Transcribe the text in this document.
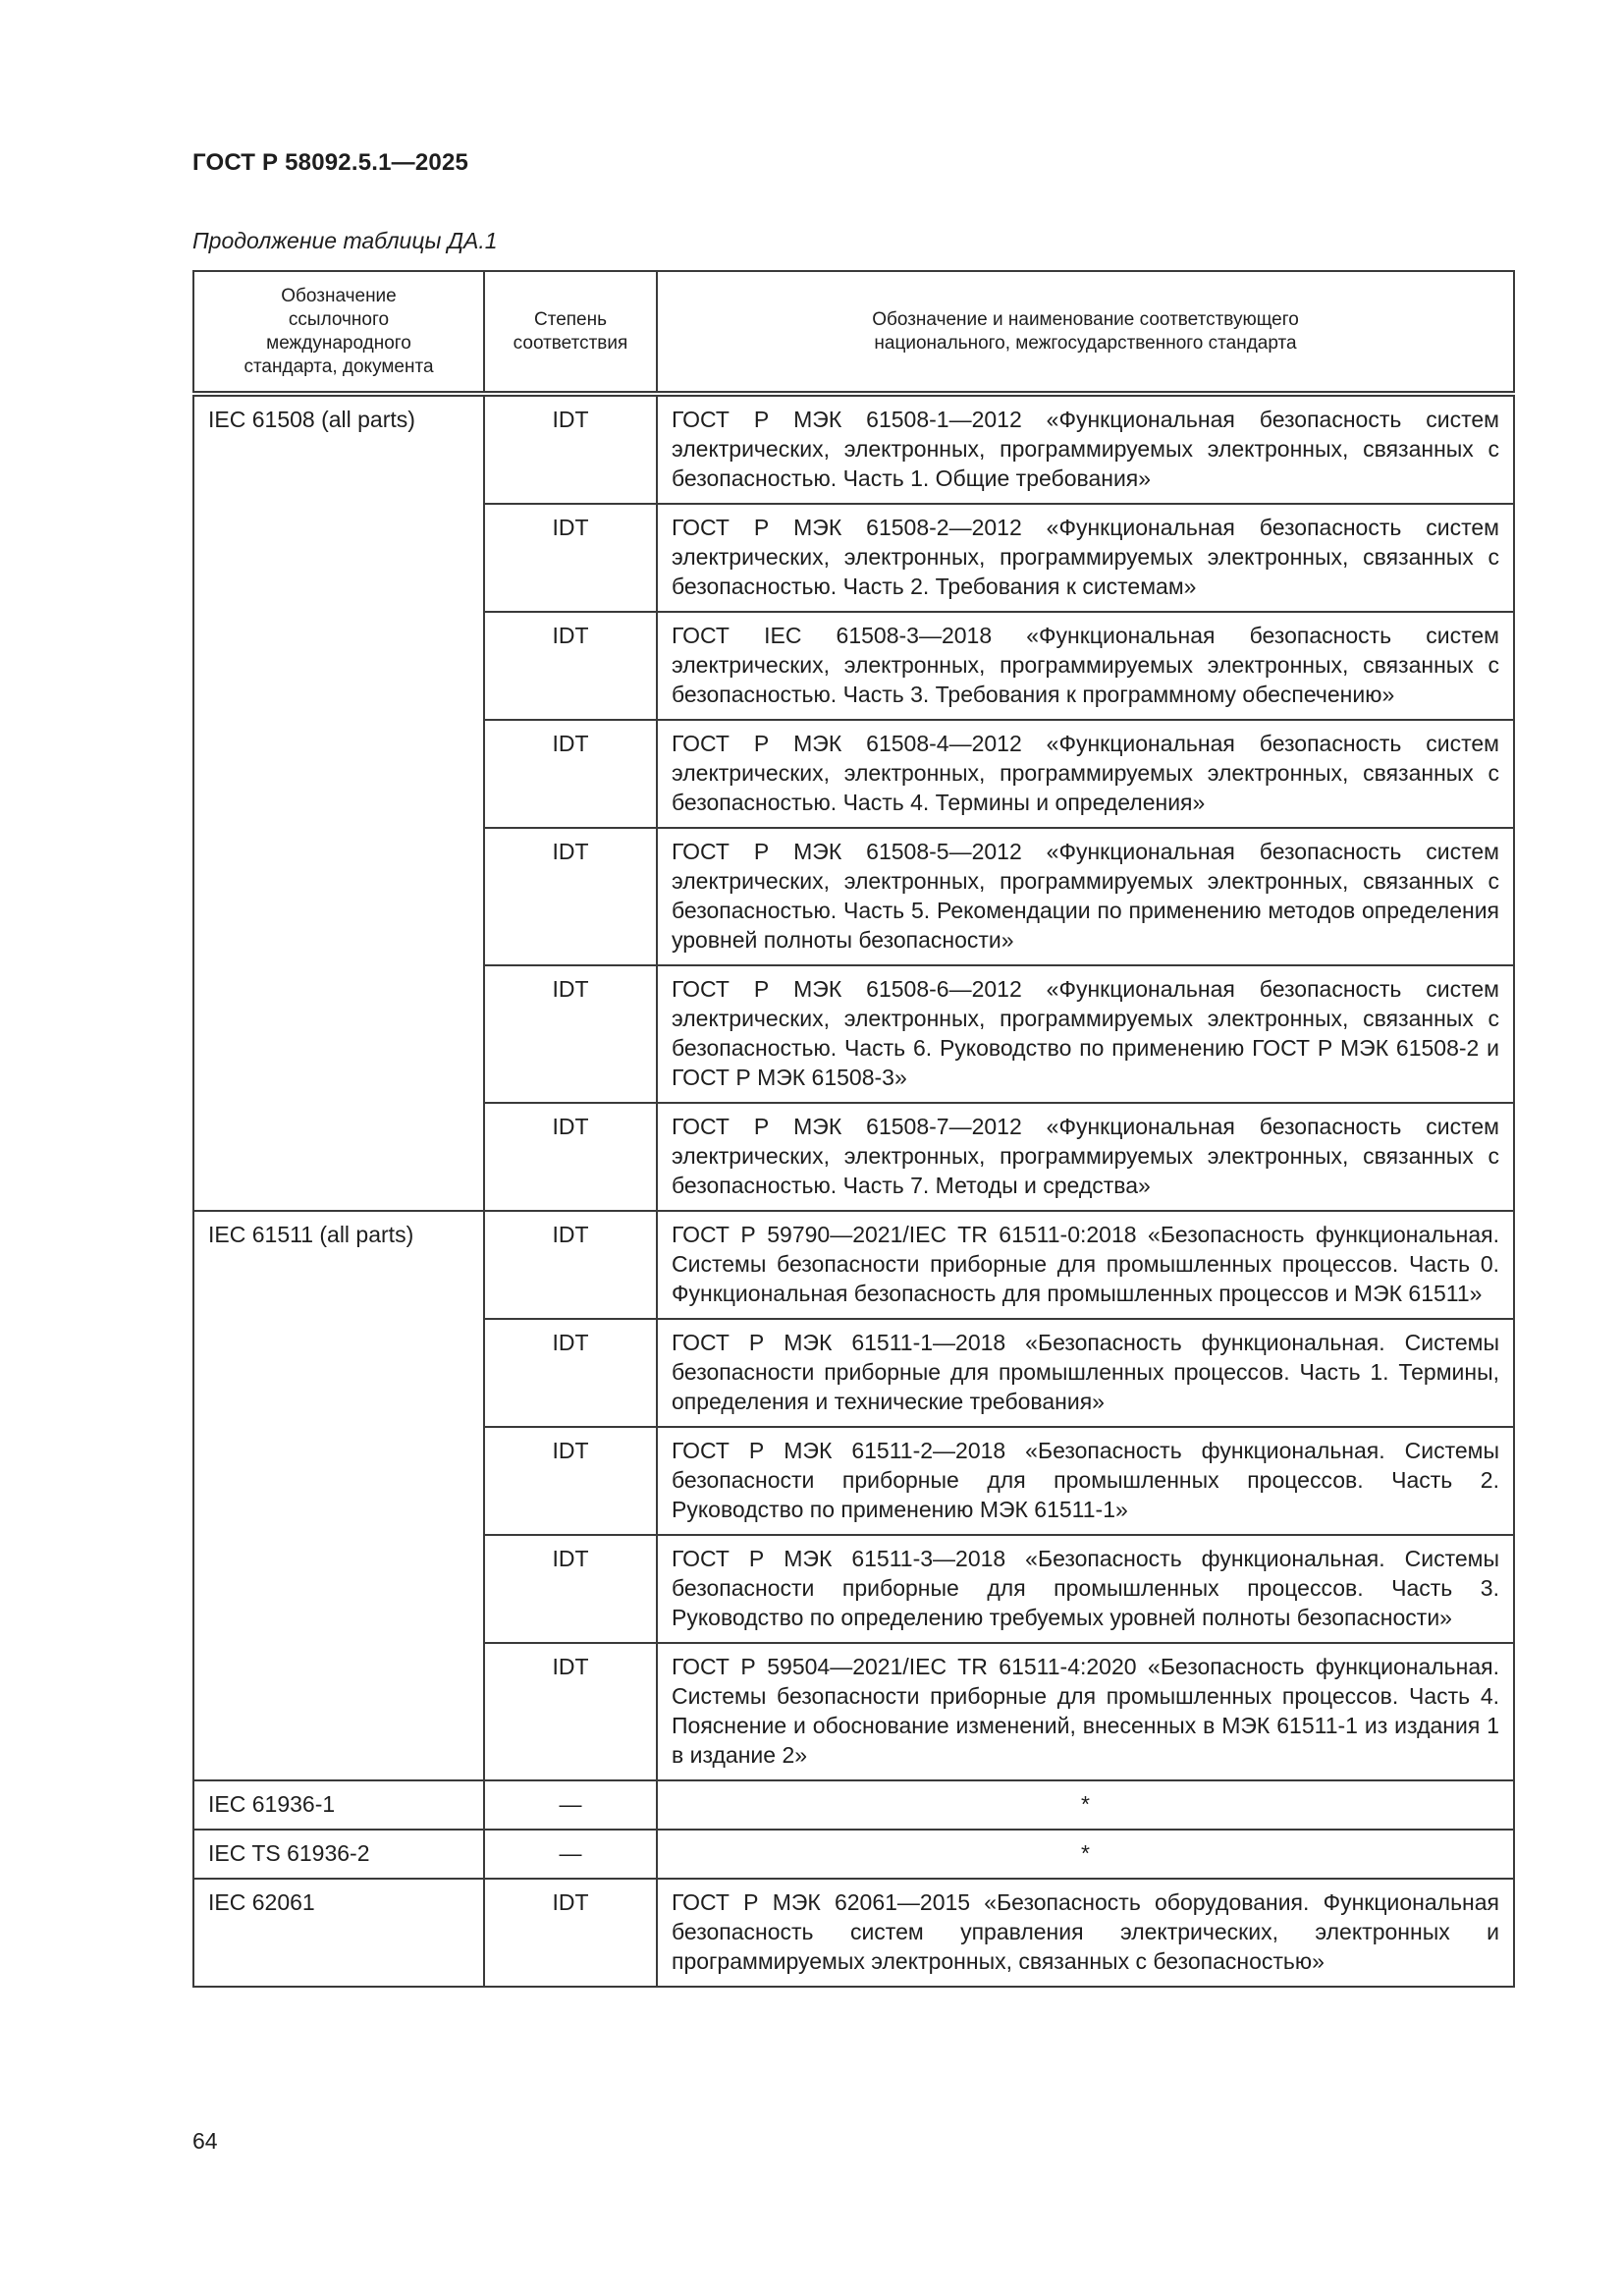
ГОСТ Р 58092.5.1—2025
Продолжение таблицы ДА.1
Обозначение ссылочного международного стандарта, документа	Степень соответствия	Обозначение и наименование соответствующего национального, межгосударственного стандарта
IEC 61508 (all parts)	IDT	ГОСТ Р МЭК 61508-1—2012 «Функциональная безопасность систем электрических, электронных, программируемых электронных, связанных с безопасностью. Часть 1. Общие требования»
	IDT	ГОСТ Р МЭК 61508-2—2012 «Функциональная безопасность систем электрических, электронных, программируемых электронных, связанных с безопасностью. Часть 2. Требования к системам»
	IDT	ГОСТ IEC 61508-3—2018 «Функциональная безопасность систем электрических, электронных, программируемых электронных, связанных с безопасностью. Часть 3. Требования к программному обеспечению»
	IDT	ГОСТ Р МЭК 61508-4—2012 «Функциональная безопасность систем электрических, электронных, программируемых электронных, связанных с безопасностью. Часть 4. Термины и определения»
	IDT	ГОСТ Р МЭК 61508-5—2012 «Функциональная безопасность систем электрических, электронных, программируемых электронных, связанных с безопасностью. Часть 5. Рекомендации по применению методов определения уровней полноты безопасности»
	IDT	ГОСТ Р МЭК 61508-6—2012 «Функциональная безопасность систем электрических, электронных, программируемых электронных, связанных с безопасностью. Часть 6. Руководство по применению ГОСТ Р МЭК 61508-2 и ГОСТ Р МЭК 61508-3»
	IDT	ГОСТ Р МЭК 61508-7—2012 «Функциональная безопасность систем электрических, электронных, программируемых электронных, связанных с безопасностью. Часть 7. Методы и средства»
IEC 61511 (all parts)	IDT	ГОСТ Р 59790—2021/IEC TR 61511-0:2018 «Безопасность функциональная. Системы безопасности приборные для промышленных процессов. Часть 0. Функциональная безопасность для промышленных процессов и МЭК 61511»
	IDT	ГОСТ Р МЭК 61511-1—2018 «Безопасность функциональная. Системы безопасности приборные для промышленных процессов. Часть 1. Термины, определения и технические требования»
	IDT	ГОСТ Р МЭК 61511-2—2018 «Безопасность функциональная. Системы безопасности приборные для промышленных процессов. Часть 2. Руководство по применению МЭК 61511-1»
	IDT	ГОСТ Р МЭК 61511-3—2018 «Безопасность функциональная. Системы безопасности приборные для промышленных процессов. Часть 3. Руководство по определению требуемых уровней полноты безопасности»
	IDT	ГОСТ Р 59504—2021/IEC TR 61511-4:2020 «Безопасность функциональная. Системы безопасности приборные для промышленных процессов. Часть 4. Пояснение и обоснование изменений, внесенных в МЭК 61511-1 из издания 1 в издание 2»
IEC 61936-1	—	*
IEC TS 61936-2	—	*
IEC 62061	IDT	ГОСТ Р МЭК 62061—2015 «Безопасность оборудования. Функциональная безопасность систем управления электрических, электронных и программируемых электронных, связанных с безопасностью»
64
